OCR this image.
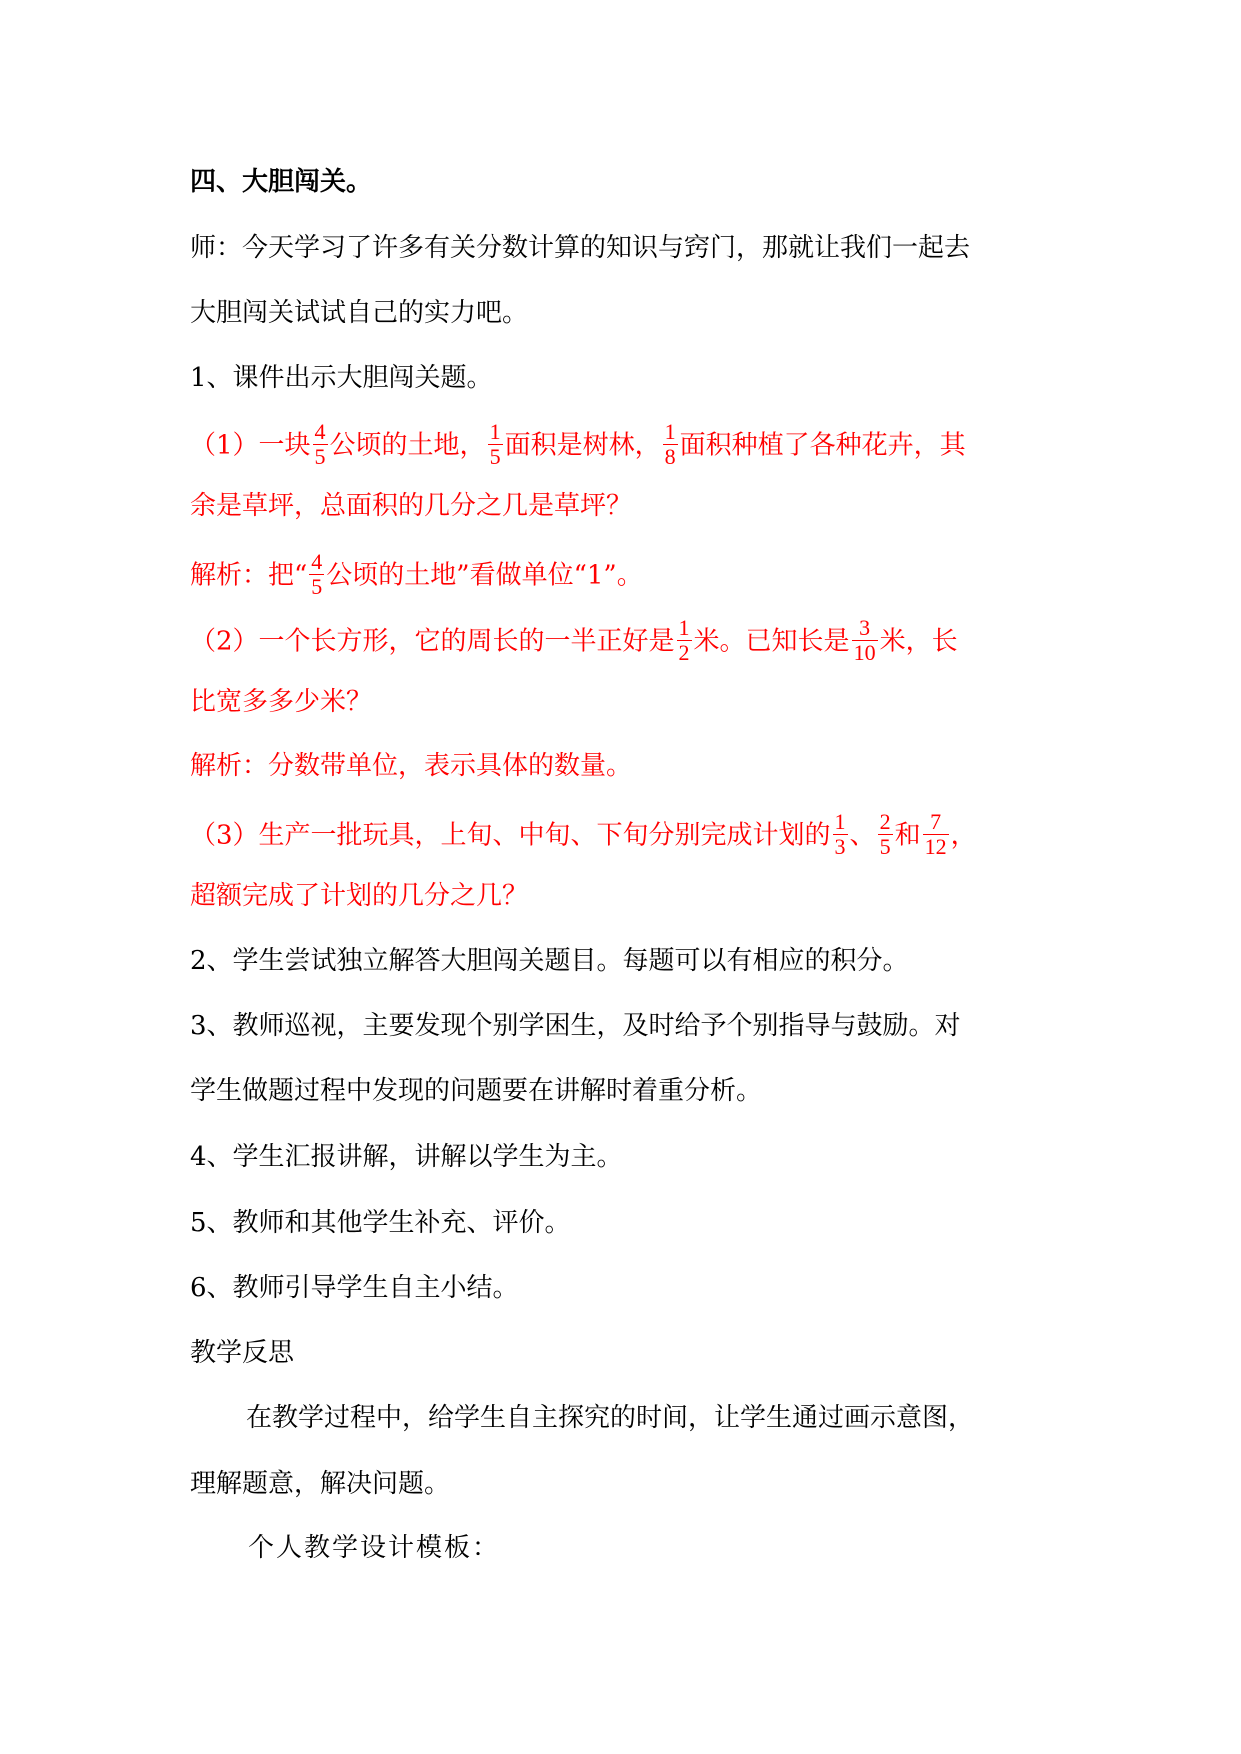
四、大胆闯关。
师：今天学习了许多有关分数计算的知识与窍门，那就让我们一起去
大胆闯关试试自己的实力吧。
1、课件出示大胆闯关题。
（1）一块 $\frac{4}{5}$ 公顷的土地， $\frac{1}{5}$ 面积是树林， $\frac{1}{8}$ 面积种植了各种花卉，其
余是草坪，总面积的几分之几是草坪？
解析：把“ $\frac{4}{5}$ 公顷的土地”看做单位“1”。
（2）一个长方形，它的周长的一半正好是 $\frac{1}{2}$ 米。已知长是 $\frac{3}{10}$ 米，长
比宽多多少米？
解析：分数带单位，表示具体的数量。
（3）生产一批玩具，上旬、中旬、下旬分别完成计划的 $\frac{1}{3}$ 、 $\frac{2}{5}$ 和 $\frac{7}{12}$ ，
超额完成了计划的几分之几？
2、学生尝试独立解答大胆闯关题目。每题可以有相应的积分。
3、教师巡视，主要发现个别学困生，及时给予个别指导与鼓励。对
学生做题过程中发现的问题要在讲解时着重分析。
4、学生汇报讲解，讲解以学生为主。
5、教师和其他学生补充、评价。
6、教师引导学生自主小结。
教学反思
在教学过程中，给学生自主探究的时间，让学生通过画示意图，
理解题意，解决问题。
个人教学设计模板：
